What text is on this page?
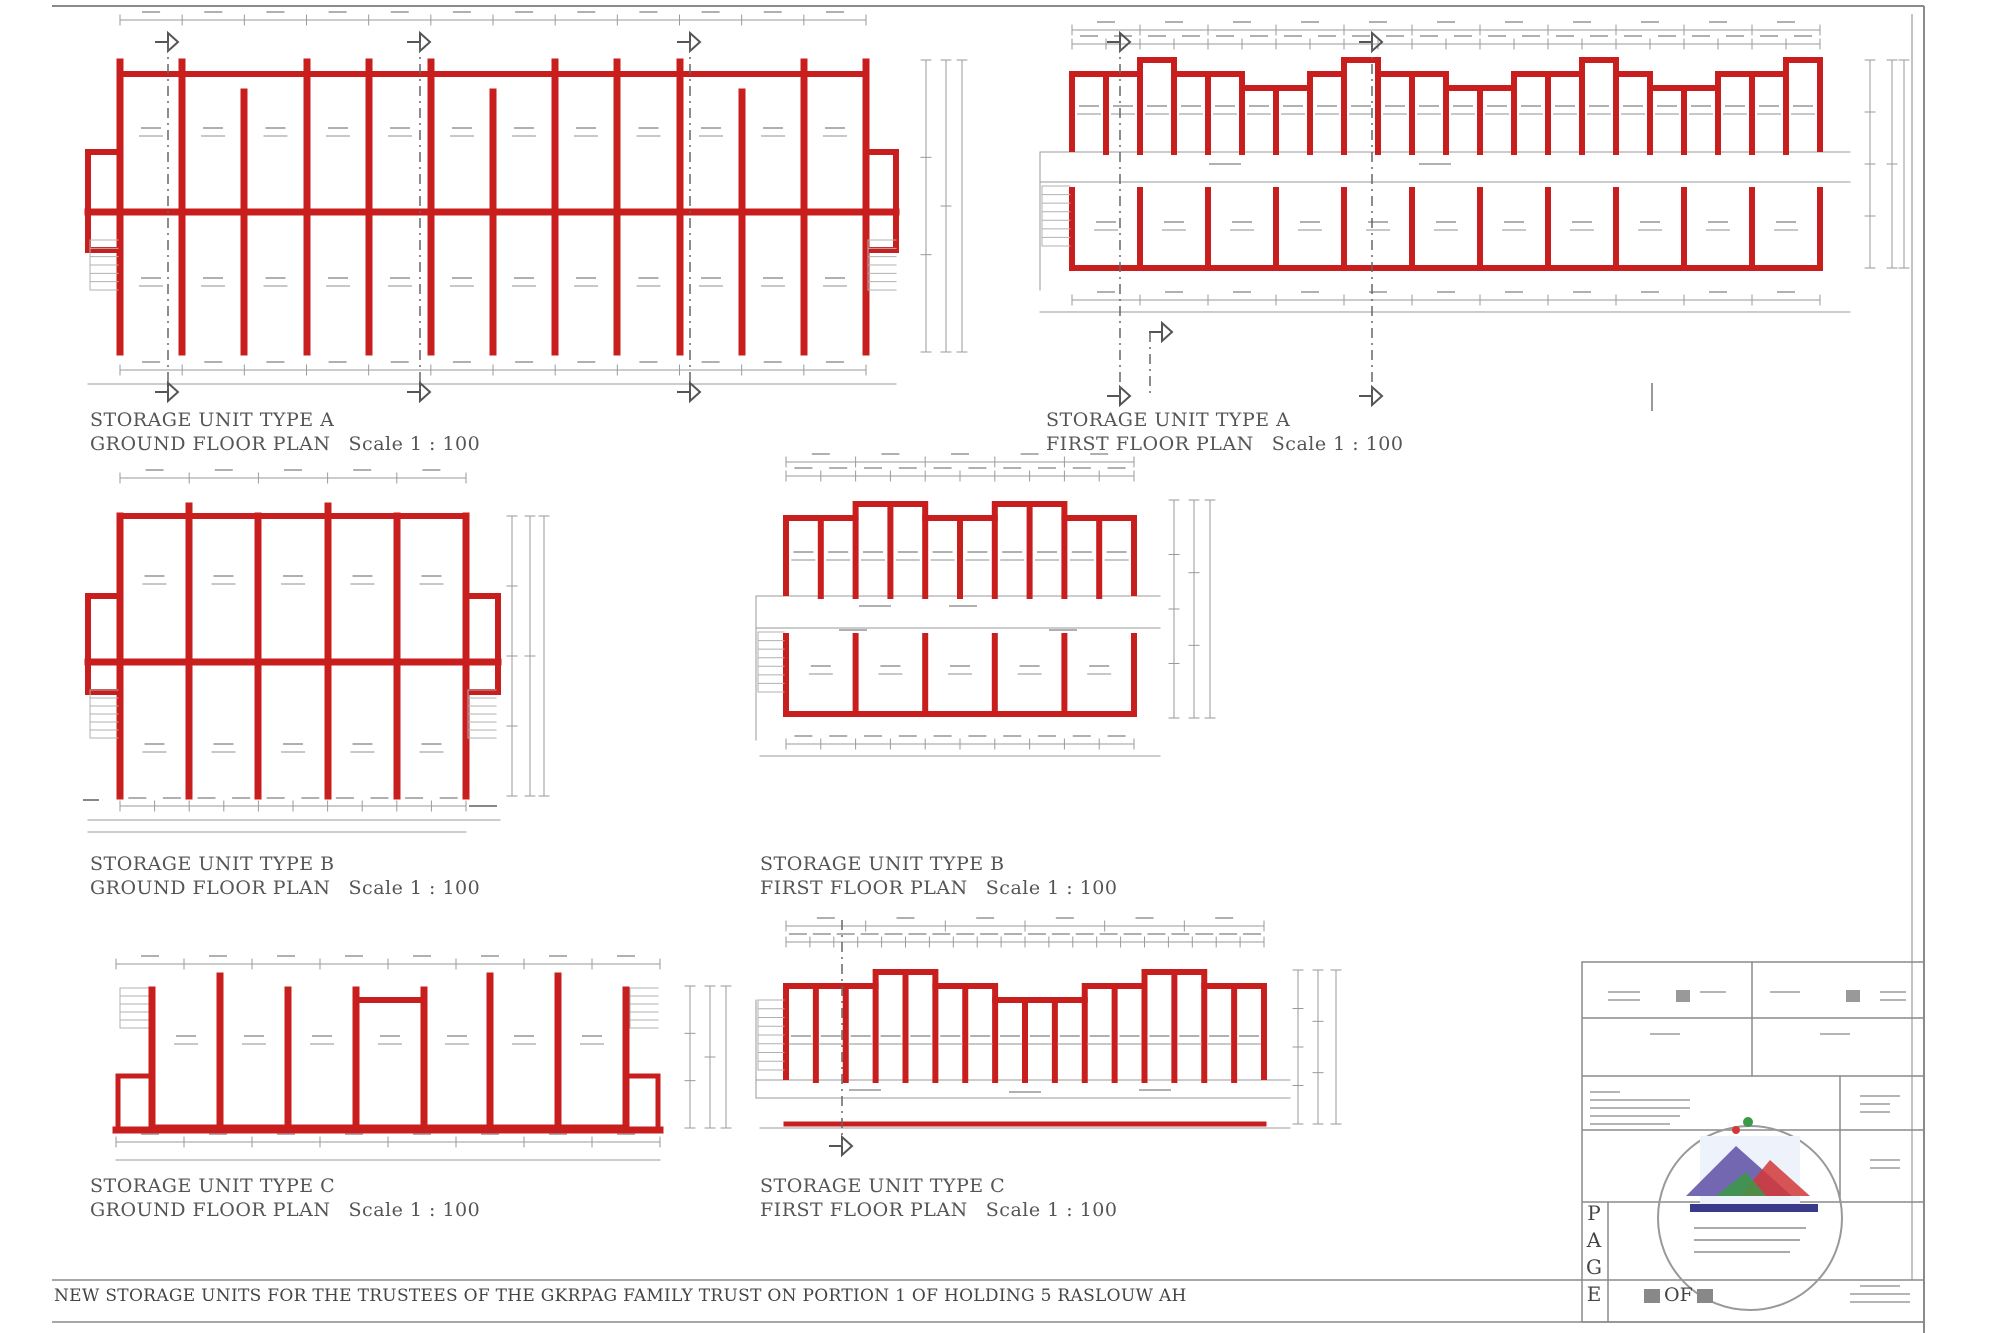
STORAGE UNIT TYPE A
GROUND FLOOR PLAN Scale 1 : 100
STORAGE UNIT TYPE A
FIRST FLOOR PLAN Scale 1 : 100
STORAGE UNIT TYPE B
GROUND FLOOR PLAN Scale 1 : 100
STORAGE UNIT TYPE B
FIRST FLOOR PLAN Scale 1 : 100
STORAGE UNIT TYPE C
GROUND FLOOR PLAN Scale 1 : 100
STORAGE UNIT TYPE C
FIRST FLOOR PLAN Scale 1 : 100
NEW STORAGE UNITS FOR THE TRUSTEES OF THE GKRPAG FAMILY TRUST ON PORTION 1 OF HOLDING 5 RASLOUW AH
P
A
G
E	OF
